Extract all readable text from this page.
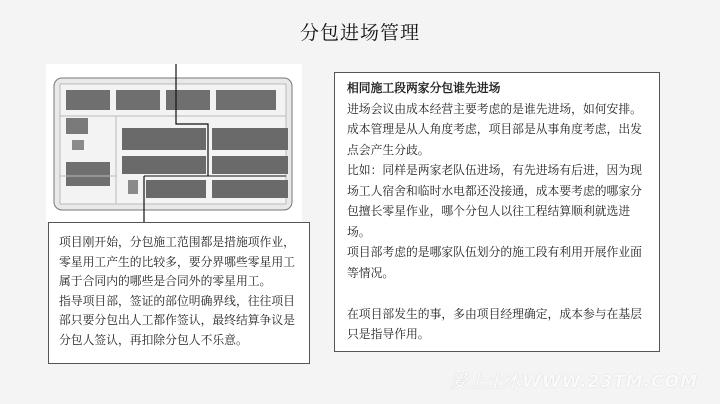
分包进场管理

项目刚开始，分包施工范围都是措施项作业，零星用工产生的比较多，要分界哪些零星用工属于合同内的哪些是合同外的零星用工。

指导项目部，签证的部位明确界线，往往项目部只要分包出人工都作签认，最终结算争议是分包人签认，再扣除分包人不乐意。

相同施工段两家分包谁先进场

进场会议由成本经营主要考虑的是谁先进场，如何安排。

成本管理是从人角度考虑，项目部是从事角度考虑，出发点会产生分歧。

比如：同样是两家老队伍进场，有先进场有后进，因为现场工人宿舍和临时水电都还没接通，成本要考虑的哪家分包擅长零星作业，哪个分包人以往工程结算顺利就选进场。

项目部考虑的是哪家队伍划分的施工段有利用开展作业面等情况。

在项目部发生的事，多由项目经理确定，成本参与在基层只是指导作用。

爱上土木WWW.23TM.COM
